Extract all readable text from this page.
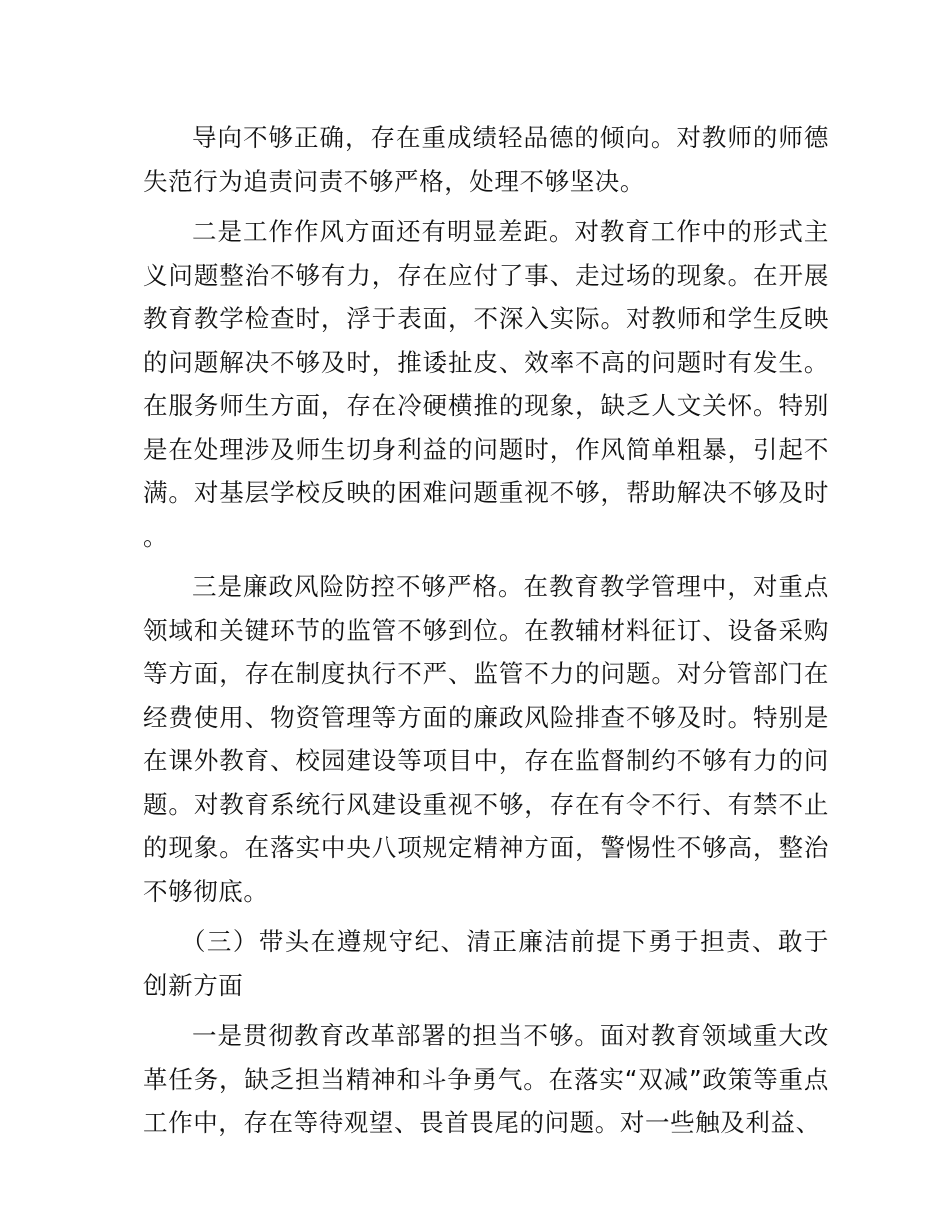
导向不够正确，存在重成绩轻品德的倾向。对教师的师德失范行为追责问责不够严格，处理不够坚决。

二是工作作风方面还有明显差距。对教育工作中的形式主义问题整治不够有力，存在应付了事、走过场的现象。在开展教育教学检查时，浮于表面，不深入实际。对教师和学生反映的问题解决不够及时，推诿扯皮、效率不高的问题时有发生。在服务师生方面，存在冷硬横推的现象，缺乏人文关怀。特别是在处理涉及师生切身利益的问题时，作风简单粗暴，引起不满。对基层学校反映的困难问题重视不够，帮助解决不够及时。

三是廉政风险防控不够严格。在教育教学管理中，对重点领域和关键环节的监管不够到位。在教辅材料征订、设备采购等方面，存在制度执行不严、监管不力的问题。对分管部门在经费使用、物资管理等方面的廉政风险排查不够及时。特别是在课外教育、校园建设等项目中，存在监督制约不够有力的问题。对教育系统行风建设重视不够，存在有令不行、有禁不止的现象。在落实中央八项规定精神方面，警惕性不够高，整治不够彻底。

（三）带头在遵规守纪、清正廉洁前提下勇于担责、敢于创新方面

一是贯彻教育改革部署的担当不够。面对教育领域重大改革任务，缺乏担当精神和斗争勇气。在落实“双减”政策等重点工作中，存在等待观望、畏首畏尾的问题。对一些触及利益、
